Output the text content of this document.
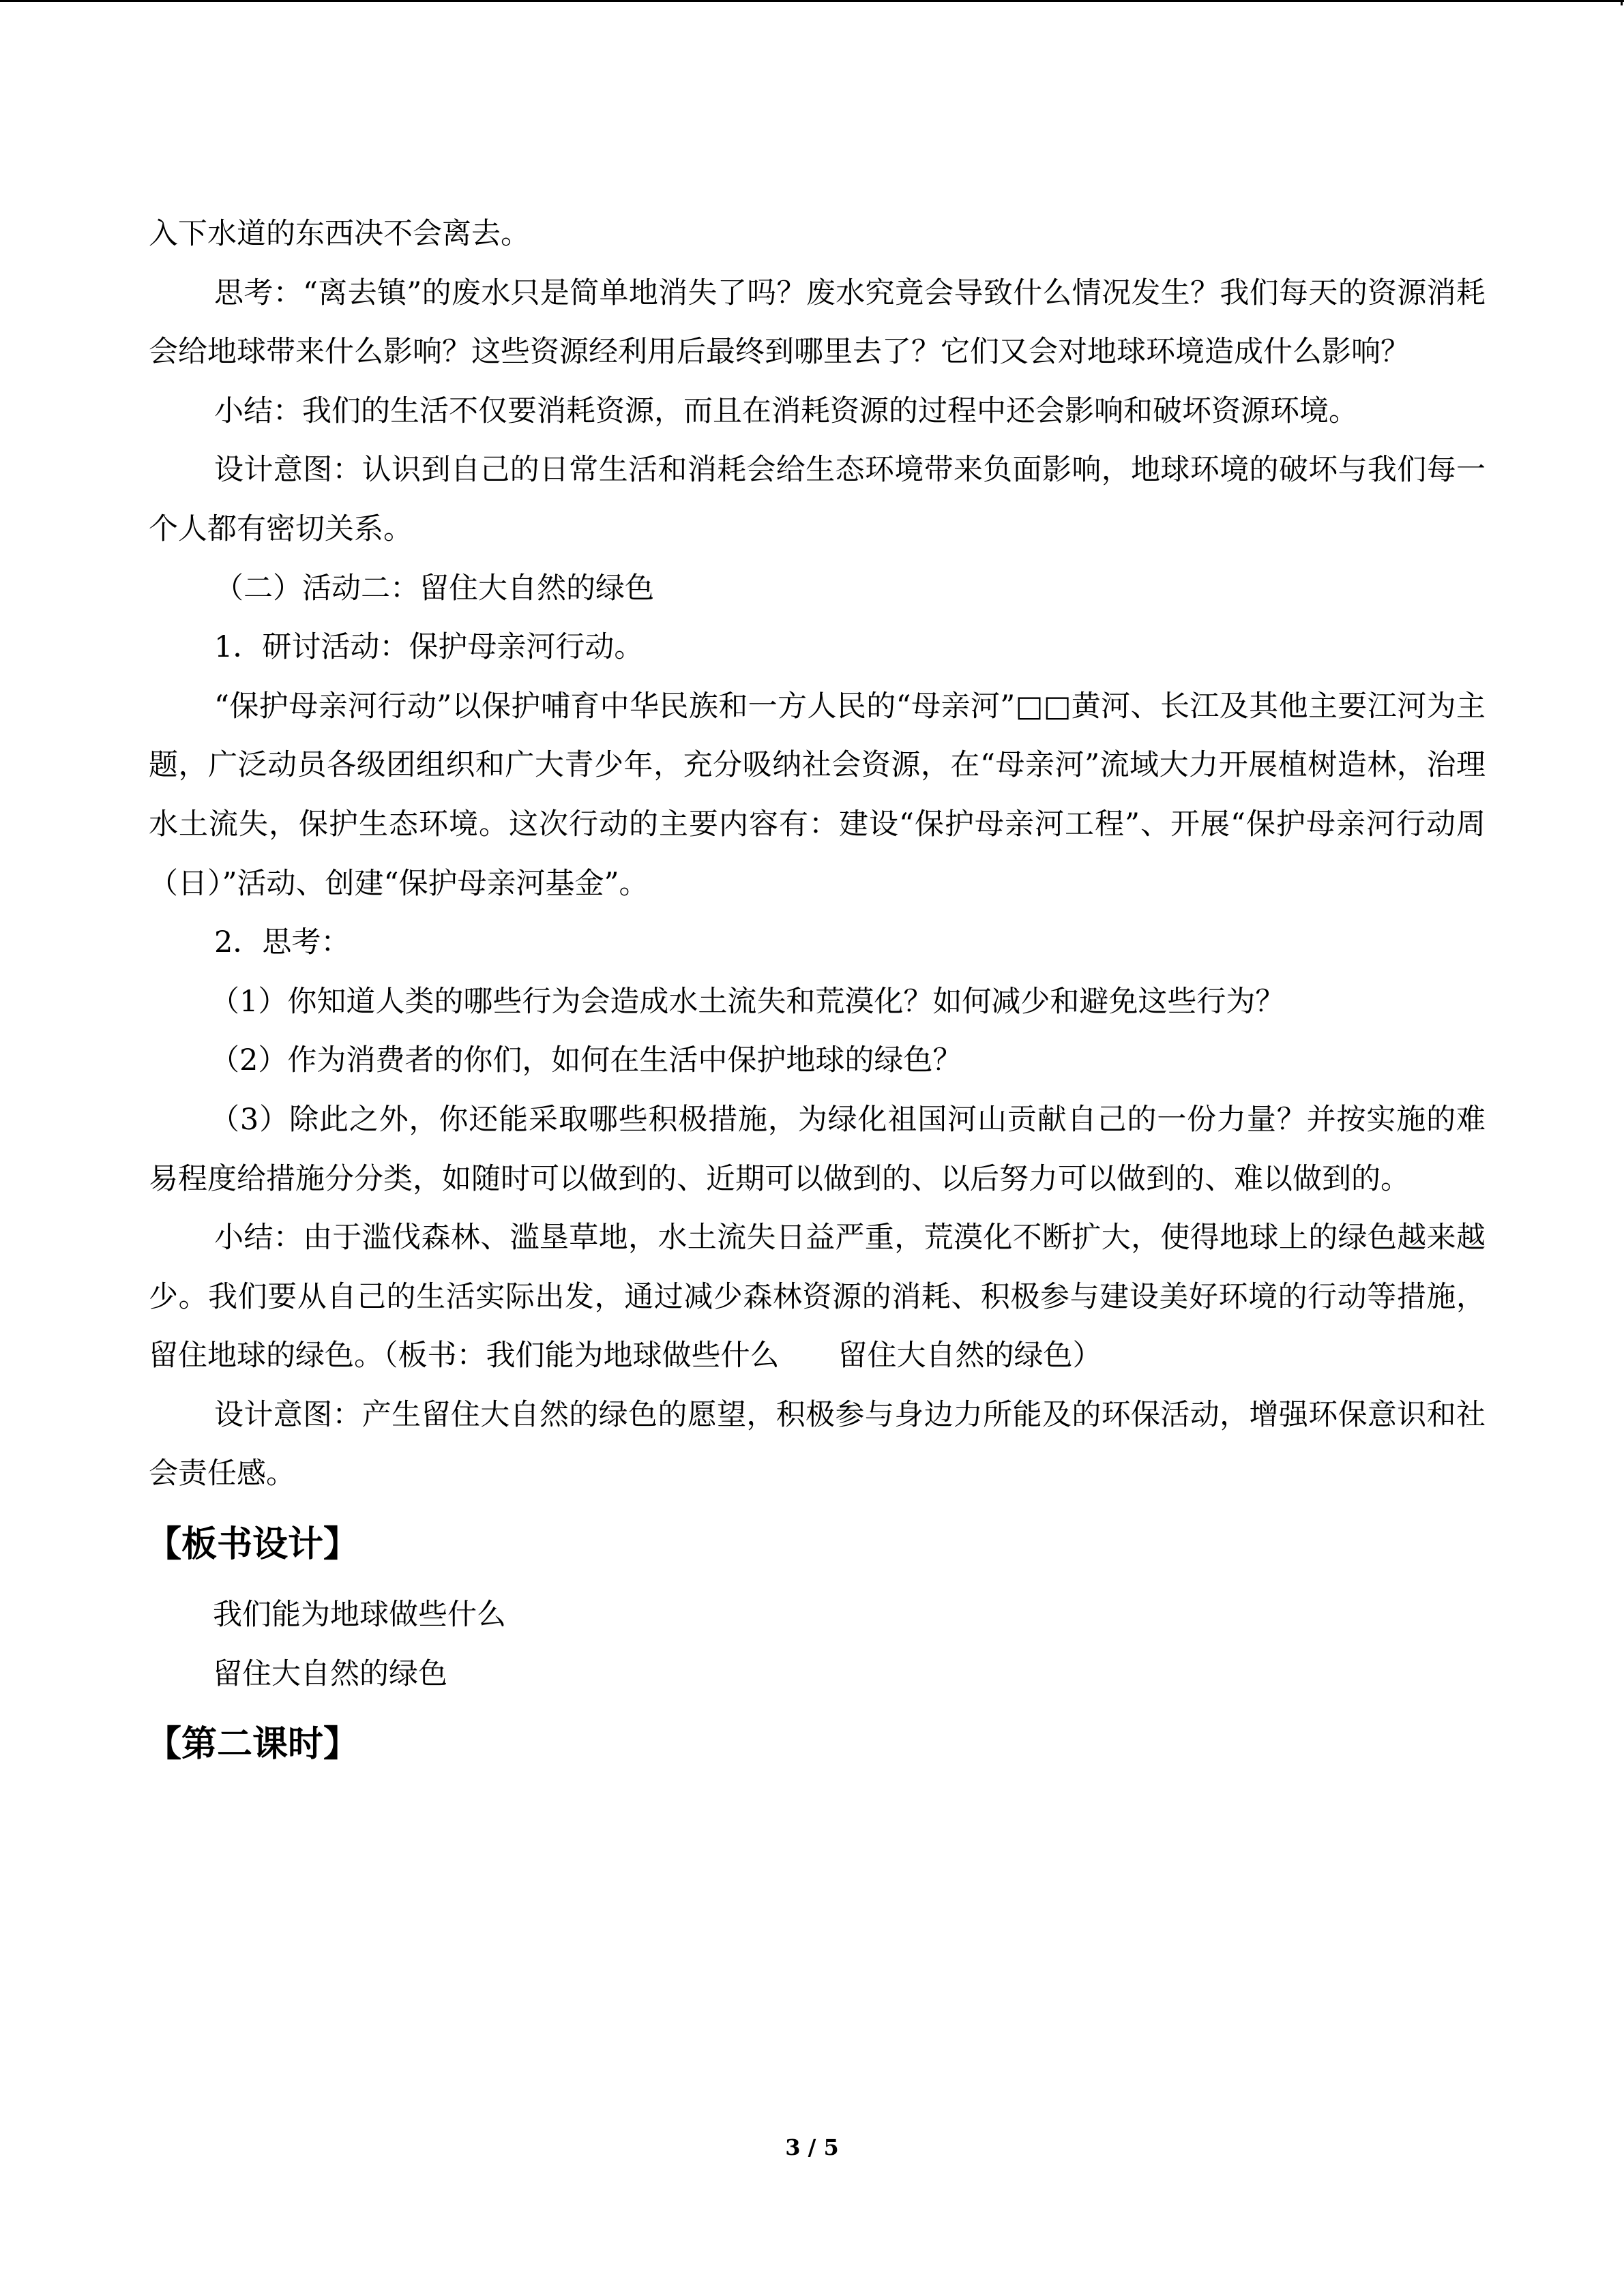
入下水道的东西决不会离去。

思考：“离去镇”的废水只是简单地消失了吗？废水究竟会导致什么情况发生？我们每天的资源消耗会给地球带来什么影响？这些资源经利用后最终到哪里去了？它们又会对地球环境造成什么影响？

小结：我们的生活不仅要消耗资源，而且在消耗资源的过程中还会影响和破坏资源环境。

设计意图：认识到自己的日常生活和消耗会给生态环境带来负面影响，地球环境的破坏与我们每一个人都有密切关系。

（二）活动二：留住大自然的绿色

1．研讨活动：保护母亲河行动。

“保护母亲河行动”以保护哺育中华民族和一方人民的“母亲河”□□黄河、长江及其他主要江河为主题，广泛动员各级团组织和广大青少年，充分吸纳社会资源，在“母亲河”流域大力开展植树造林，治理水土流失，保护生态环境。这次行动的主要内容有：建设“保护母亲河工程”、开展“保护母亲河行动周（日）”活动、创建“保护母亲河基金”。

2．思考：

（1）你知道人类的哪些行为会造成水土流失和荒漠化？如何减少和避免这些行为？

（2）作为消费者的你们，如何在生活中保护地球的绿色？

（3）除此之外，你还能采取哪些积极措施，为绿化祖国河山贡献自己的一份力量？并按实施的难易程度给措施分分类，如随时可以做到的、近期可以做到的、以后努力可以做到的、难以做到的。

小结：由于滥伐森林、滥垦草地，水土流失日益严重，荒漠化不断扩大，使得地球上的绿色越来越少。我们要从自己的生活实际出发，通过减少森林资源的消耗、积极参与建设美好环境的行动等措施，留住地球的绿色。（板书：我们能为地球做些什么　　留住大自然的绿色）

设计意图：产生留住大自然的绿色的愿望，积极参与身边力所能及的环保活动，增强环保意识和社会责任感。

【板书设计】

我们能为地球做些什么

留住大自然的绿色

【第二课时】

3 / 5
